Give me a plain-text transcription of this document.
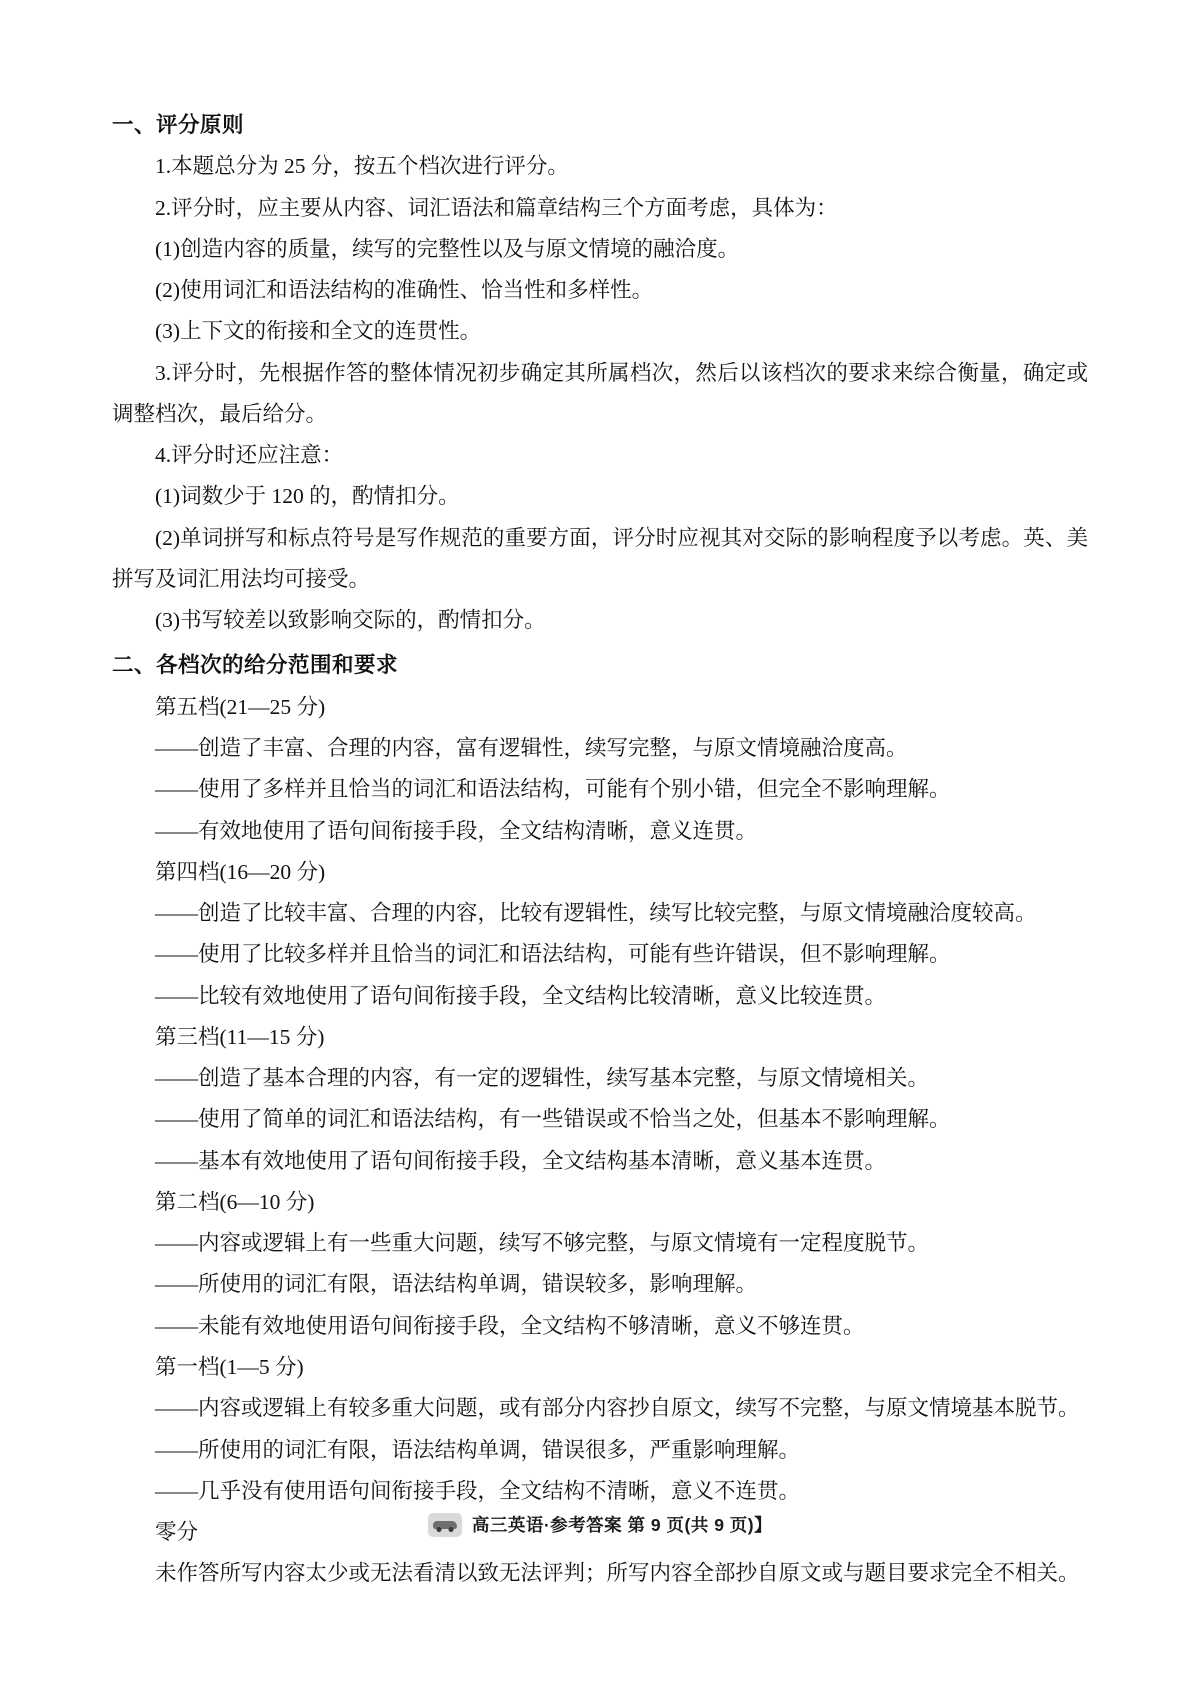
一、评分原则

1.本题总分为 25 分，按五个档次进行评分。

2.评分时，应主要从内容、词汇语法和篇章结构三个方面考虑，具体为：

(1)创造内容的质量，续写的完整性以及与原文情境的融洽度。

(2)使用词汇和语法结构的准确性、恰当性和多样性。

(3)上下文的衔接和全文的连贯性。

3.评分时，先根据作答的整体情况初步确定其所属档次，然后以该档次的要求来综合衡量，确定或调整档次，最后给分。

4.评分时还应注意：

(1)词数少于 120 的，酌情扣分。

(2)单词拼写和标点符号是写作规范的重要方面，评分时应视其对交际的影响程度予以考虑。英、美拼写及词汇用法均可接受。

(3)书写较差以致影响交际的，酌情扣分。

二、各档次的给分范围和要求

第五档(21—25 分)

——创造了丰富、合理的内容，富有逻辑性，续写完整，与原文情境融洽度高。

——使用了多样并且恰当的词汇和语法结构，可能有个别小错，但完全不影响理解。

——有效地使用了语句间衔接手段，全文结构清晰，意义连贯。

第四档(16—20 分)

——创造了比较丰富、合理的内容，比较有逻辑性，续写比较完整，与原文情境融洽度较高。

——使用了比较多样并且恰当的词汇和语法结构，可能有些许错误，但不影响理解。

——比较有效地使用了语句间衔接手段，全文结构比较清晰，意义比较连贯。

第三档(11—15 分)

——创造了基本合理的内容，有一定的逻辑性，续写基本完整，与原文情境相关。

——使用了简单的词汇和语法结构，有一些错误或不恰当之处，但基本不影响理解。

——基本有效地使用了语句间衔接手段，全文结构基本清晰，意义基本连贯。

第二档(6—10 分)

——内容或逻辑上有一些重大问题，续写不够完整，与原文情境有一定程度脱节。

——所使用的词汇有限，语法结构单调，错误较多，影响理解。

——未能有效地使用语句间衔接手段，全文结构不够清晰，意义不够连贯。

第一档(1—5 分)

——内容或逻辑上有较多重大问题，或有部分内容抄自原文，续写不完整，与原文情境基本脱节。

——所使用的词汇有限，语法结构单调，错误很多，严重影响理解。

——几乎没有使用语句间衔接手段，全文结构不清晰，意义不连贯。

零分

未作答所写内容太少或无法看清以致无法评判；所写内容全部抄自原文或与题目要求完全不相关。

高三英语·参考答案 第 9 页(共 9 页)】
